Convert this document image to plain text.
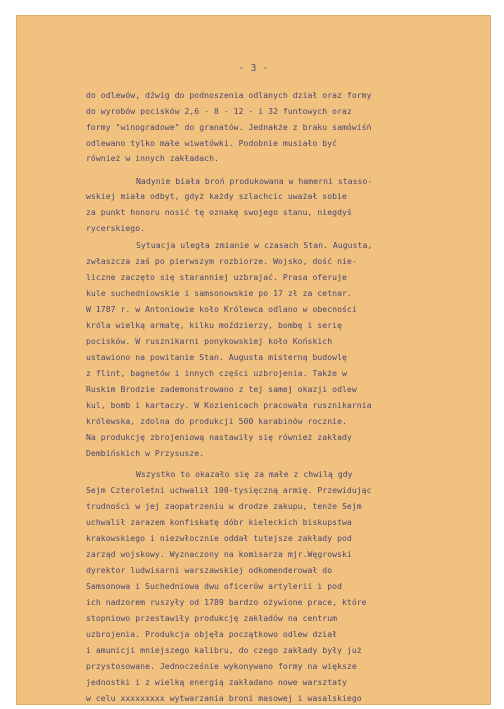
- 3 -
do odlewów, dźwig do podnoszenia odlanych dział oraz formy
do wyrobów pocisków 2,6 - 8 - 12 - i 32 funtowych oraz
formy "winogradowe" do granatów. Jednakże z braku samówiśń
odlewano tylko małe wiwatówki. Podobnie musiało być
również w innych zakładach.
Nadynie biała broń produkowana w hamerni stasso-
wskiej miała odbyt, gdyż każdy szlachcic uważał sobie
za punkt honoru nosić tę oznakę swojego stanu, niegdyś
rycerskiego.
Sytuacja uległa zmianie w czasach Stan. Augusta,
zwłaszcza zaś po pierwszym rozbiorze. Wojsko, dość nie-
liczne zaczęto się staranniej uzbrajać. Prasa oferuje
kule suchedniowskie i samsonowskie po 17 zł za cetnar.
W 1787 r. w Antoniowie koło Królewca odlano w obecności
króla wielką armatę, kilku moździerzy, bombę i serię
pocisków. W rusznikarni ponykowskiej koło Końskich
ustawiono na powitanie Stan. Augusta misterną budowlę
z flint, bagnetów i innych części uzbrojenia. Także w
Ruskim Brodzie zademonstrowano z tej samej okazji odlew
kul, bomb i kartaczy. W Kozienicach pracowała rusznikarnia
królewska, zdolna do produkcji 500 karabinów rocznie.
Na produkcję zbrojeniową nastawiły się również zakłady
Dembińskich w Przysusze.
Wszystko to okazało się za małe z chwilą gdy
Sejm Czteroletni uchwalił 100-tysięczną armię. Przewidując
trudności w jej zaopatrzeniu w drodze zakupu, tenże Sejm
uchwalił zarazem konfiskatę dóbr kieleckich biskupstwa
krakowskiego i niezwłocznie oddał tutejsze zakłady pod
zarząd wojskowy. Wyznaczony na komisarza mjr.Węgrowski
dyrektor ludwisarni warszawskiej odkomenderował do
Samsonowa i Suchedniowa dwu oficerów artylerii i pod
ich nadzorem ruszyły od 1789 bardzo ożywione prace, które
stopniowo przestawiły produkcję zakładów na centrum
uzbrojenia. Produkcja objęła początkowo odlew dział
i amunicji mniejszego kalibru, do czego zakłady były już
przystosowane. Jednocześnie wykonywano formy na większe
jednostki i z wielką energią zakładano nowe warsztaty
w celu xxxxxxxxx wytwarzania broni masowej i wasalskiego
